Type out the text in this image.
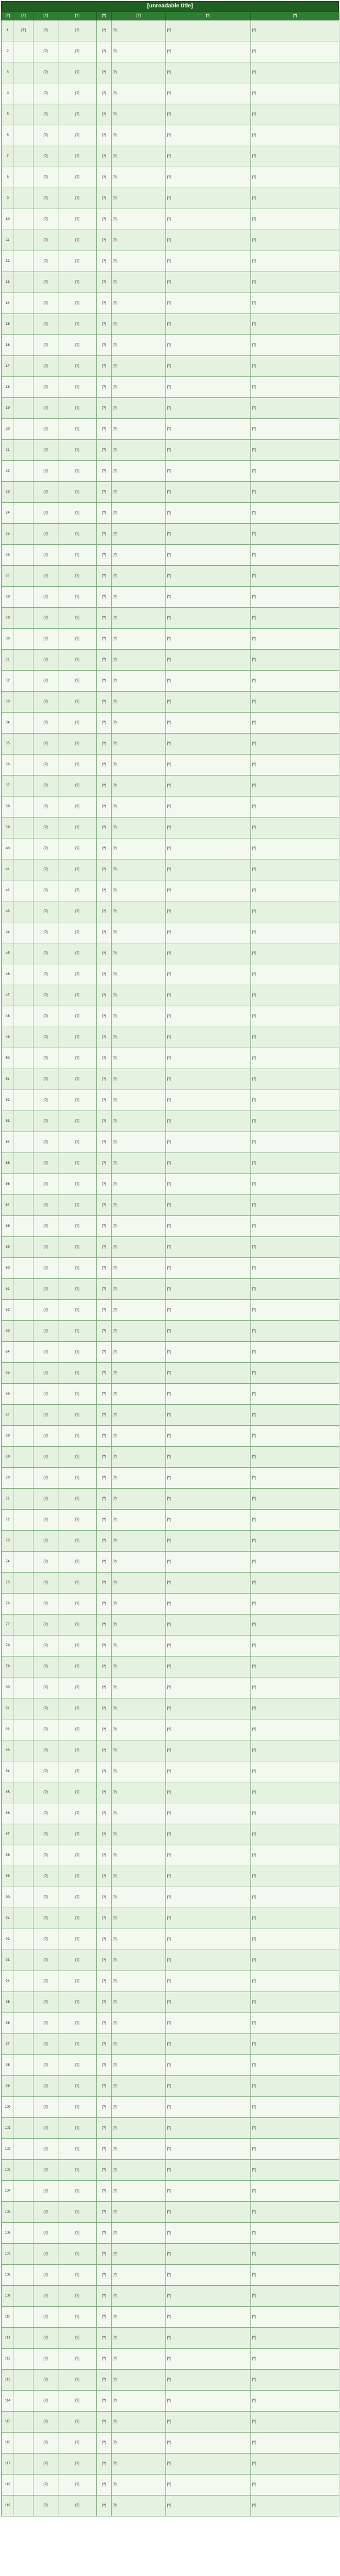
[unreadable title]
[?]	[?]	[?]	[?]	[?]	[?]	[?]	[?]
1	[?]	[?]	[?]	[?]	[?]	[?]	[?]
2		[?]	[?]	[?]	[?]	[?]	[?]
3		[?]	[?]	[?]	[?]	[?]	[?]
4		[?]	[?]	[?]	[?]	[?]	[?]
5		[?]	[?]	[?]	[?]	[?]	[?]
6		[?]	[?]	[?]	[?]	[?]	[?]
7		[?]	[?]	[?]	[?]	[?]	[?]
8		[?]	[?]	[?]	[?]	[?]	[?]
9		[?]	[?]	[?]	[?]	[?]	[?]
10		[?]	[?]	[?]	[?]	[?]	[?]
11		[?]	[?]	[?]	[?]	[?]	[?]
12		[?]	[?]	[?]	[?]	[?]	[?]
13		[?]	[?]	[?]	[?]	[?]	[?]
14		[?]	[?]	[?]	[?]	[?]	[?]
15		[?]	[?]	[?]	[?]	[?]	[?]
16		[?]	[?]	[?]	[?]	[?]	[?]
17		[?]	[?]	[?]	[?]	[?]	[?]
18		[?]	[?]	[?]	[?]	[?]	[?]
19		[?]	[?]	[?]	[?]	[?]	[?]
20		[?]	[?]	[?]	[?]	[?]	[?]
21		[?]	[?]	[?]	[?]	[?]	[?]
22		[?]	[?]	[?]	[?]	[?]	[?]
23		[?]	[?]	[?]	[?]	[?]	[?]
24		[?]	[?]	[?]	[?]	[?]	[?]
25		[?]	[?]	[?]	[?]	[?]	[?]
26		[?]	[?]	[?]	[?]	[?]	[?]
27		[?]	[?]	[?]	[?]	[?]	[?]
28		[?]	[?]	[?]	[?]	[?]	[?]
29		[?]	[?]	[?]	[?]	[?]	[?]
30		[?]	[?]	[?]	[?]	[?]	[?]
31		[?]	[?]	[?]	[?]	[?]	[?]
32		[?]	[?]	[?]	[?]	[?]	[?]
33		[?]	[?]	[?]	[?]	[?]	[?]
34		[?]	[?]	[?]	[?]	[?]	[?]
35		[?]	[?]	[?]	[?]	[?]	[?]
36		[?]	[?]	[?]	[?]	[?]	[?]
37		[?]	[?]	[?]	[?]	[?]	[?]
38		[?]	[?]	[?]	[?]	[?]	[?]
39		[?]	[?]	[?]	[?]	[?]	[?]
40		[?]	[?]	[?]	[?]	[?]	[?]
41		[?]	[?]	[?]	[?]	[?]	[?]
42		[?]	[?]	[?]	[?]	[?]	[?]
43		[?]	[?]	[?]	[?]	[?]	[?]
44		[?]	[?]	[?]	[?]	[?]	[?]
45		[?]	[?]	[?]	[?]	[?]	[?]
46		[?]	[?]	[?]	[?]	[?]	[?]
47		[?]	[?]	[?]	[?]	[?]	[?]
48		[?]	[?]	[?]	[?]	[?]	[?]
49		[?]	[?]	[?]	[?]	[?]	[?]
50		[?]	[?]	[?]	[?]	[?]	[?]
51		[?]	[?]	[?]	[?]	[?]	[?]
52		[?]	[?]	[?]	[?]	[?]	[?]
53		[?]	[?]	[?]	[?]	[?]	[?]
54		[?]	[?]	[?]	[?]	[?]	[?]
55		[?]	[?]	[?]	[?]	[?]	[?]
56		[?]	[?]	[?]	[?]	[?]	[?]
57		[?]	[?]	[?]	[?]	[?]	[?]
58		[?]	[?]	[?]	[?]	[?]	[?]
59		[?]	[?]	[?]	[?]	[?]	[?]
60		[?]	[?]	[?]	[?]	[?]	[?]
61		[?]	[?]	[?]	[?]	[?]	[?]
62		[?]	[?]	[?]	[?]	[?]	[?]
63		[?]	[?]	[?]	[?]	[?]	[?]
64		[?]	[?]	[?]	[?]	[?]	[?]
65		[?]	[?]	[?]	[?]	[?]	[?]
66		[?]	[?]	[?]	[?]	[?]	[?]
67		[?]	[?]	[?]	[?]	[?]	[?]
68		[?]	[?]	[?]	[?]	[?]	[?]
69		[?]	[?]	[?]	[?]	[?]	[?]
70		[?]	[?]	[?]	[?]	[?]	[?]
71		[?]	[?]	[?]	[?]	[?]	[?]
72		[?]	[?]	[?]	[?]	[?]	[?]
73		[?]	[?]	[?]	[?]	[?]	[?]
74		[?]	[?]	[?]	[?]	[?]	[?]
75		[?]	[?]	[?]	[?]	[?]	[?]
76		[?]	[?]	[?]	[?]	[?]	[?]
77		[?]	[?]	[?]	[?]	[?]	[?]
78		[?]	[?]	[?]	[?]	[?]	[?]
79		[?]	[?]	[?]	[?]	[?]	[?]
80		[?]	[?]	[?]	[?]	[?]	[?]
81		[?]	[?]	[?]	[?]	[?]	[?]
82		[?]	[?]	[?]	[?]	[?]	[?]
83		[?]	[?]	[?]	[?]	[?]	[?]
84		[?]	[?]	[?]	[?]	[?]	[?]
85		[?]	[?]	[?]	[?]	[?]	[?]
86		[?]	[?]	[?]	[?]	[?]	[?]
87		[?]	[?]	[?]	[?]	[?]	[?]
88		[?]	[?]	[?]	[?]	[?]	[?]
89		[?]	[?]	[?]	[?]	[?]	[?]
90		[?]	[?]	[?]	[?]	[?]	[?]
91		[?]	[?]	[?]	[?]	[?]	[?]
92		[?]	[?]	[?]	[?]	[?]	[?]
93		[?]	[?]	[?]	[?]	[?]	[?]
94		[?]	[?]	[?]	[?]	[?]	[?]
95		[?]	[?]	[?]	[?]	[?]	[?]
96		[?]	[?]	[?]	[?]	[?]	[?]
97		[?]	[?]	[?]	[?]	[?]	[?]
98		[?]	[?]	[?]	[?]	[?]	[?]
99		[?]	[?]	[?]	[?]	[?]	[?]
100		[?]	[?]	[?]	[?]	[?]	[?]
101		[?]	[?]	[?]	[?]	[?]	[?]
102		[?]	[?]	[?]	[?]	[?]	[?]
103		[?]	[?]	[?]	[?]	[?]	[?]
104		[?]	[?]	[?]	[?]	[?]	[?]
105		[?]	[?]	[?]	[?]	[?]	[?]
106		[?]	[?]	[?]	[?]	[?]	[?]
107		[?]	[?]	[?]	[?]	[?]	[?]
108		[?]	[?]	[?]	[?]	[?]	[?]
109		[?]	[?]	[?]	[?]	[?]	[?]
110		[?]	[?]	[?]	[?]	[?]	[?]
111		[?]	[?]	[?]	[?]	[?]	[?]
112		[?]	[?]	[?]	[?]	[?]	[?]
113		[?]	[?]	[?]	[?]	[?]	[?]
114		[?]	[?]	[?]	[?]	[?]	[?]
115		[?]	[?]	[?]	[?]	[?]	[?]
116		[?]	[?]	[?]	[?]	[?]	[?]
117		[?]	[?]	[?]	[?]	[?]	[?]
118		[?]	[?]	[?]	[?]	[?]	[?]
119		[?]	[?]	[?]	[?]	[?]	[?]
